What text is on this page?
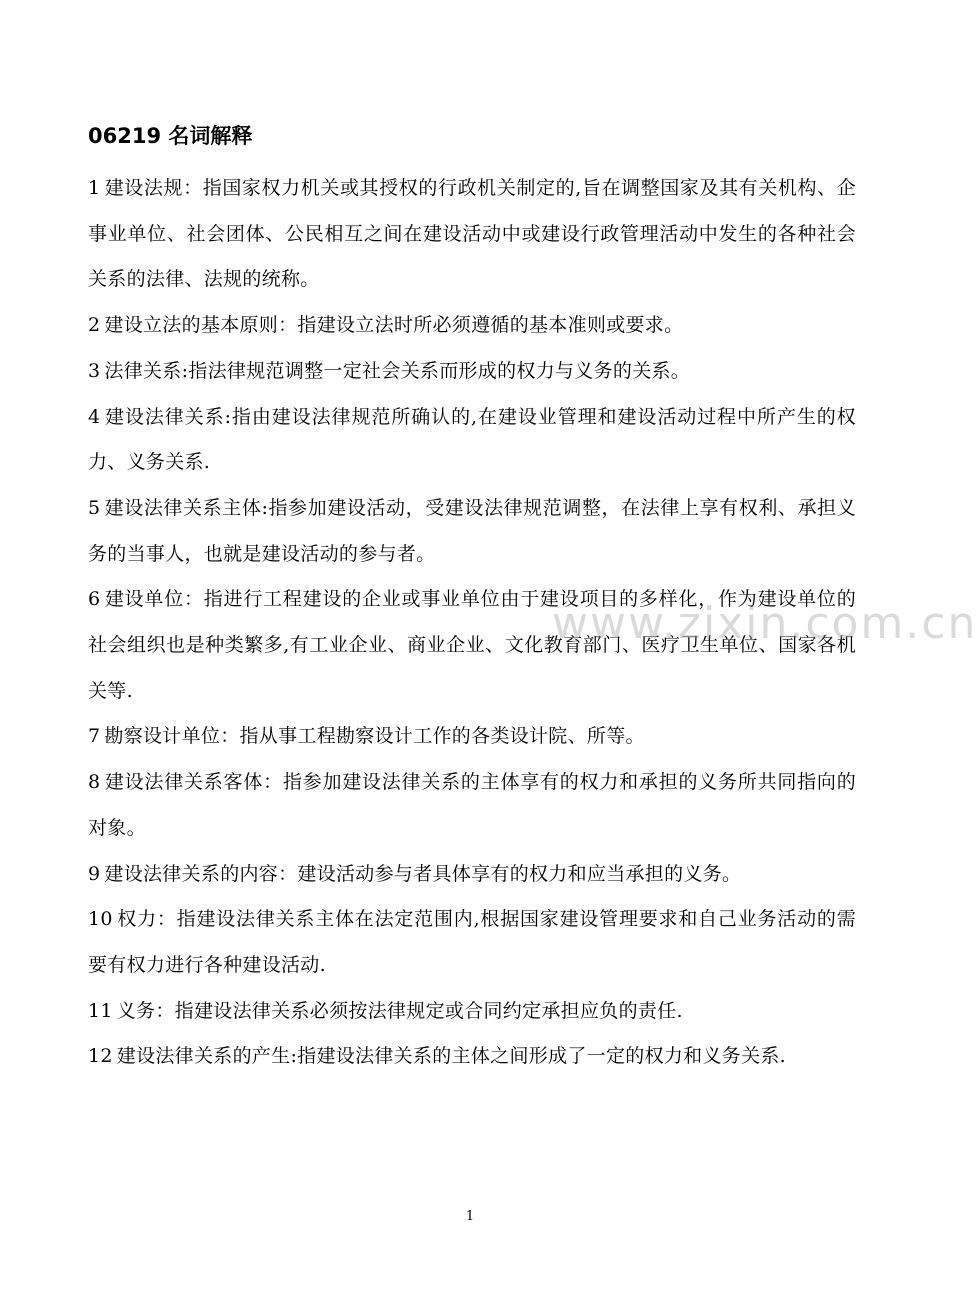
06219 名词解释

1 建设法规：指国家权力机关或其授权的行政机关制定的,旨在调整国家及其有关机构、企事业单位、社会团体、公民相互之间在建设活动中或建设行政管理活动中发生的各种社会关系的法律、法规的统称。

2 建设立法的基本原则：指建设立法时所必须遵循的基本准则或要求。

3 法律关系:指法律规范调整一定社会关系而形成的权力与义务的关系。

4 建设法律关系:指由建设法律规范所确认的,在建设业管理和建设活动过程中所产生的权力、义务关系.

5 建设法律关系主体:指参加建设活动，受建设法律规范调整，在法律上享有权利、承担义务的当事人，也就是建设活动的参与者。

6 建设单位：指进行工程建设的企业或事业单位由于建设项目的多样化，作为建设单位的社会组织也是种类繁多,有工业企业、商业企业、文化教育部门、医疗卫生单位、国家各机关等.

7 勘察设计单位：指从事工程勘察设计工作的各类设计院、所等。

8 建设法律关系客体：指参加建设法律关系的主体享有的权力和承担的义务所共同指向的对象。

9 建设法律关系的内容：建设活动参与者具体享有的权力和应当承担的义务。

10 权力：指建设法律关系主体在法定范围内,根据国家建设管理要求和自己业务活动的需要有权力进行各种建设活动.

11 义务：指建设法律关系必须按法律规定或合同约定承担应负的责任.

12 建设法律关系的产生:指建设法律关系的主体之间形成了一定的权力和义务关系.

www.zixin.com.cn
1
